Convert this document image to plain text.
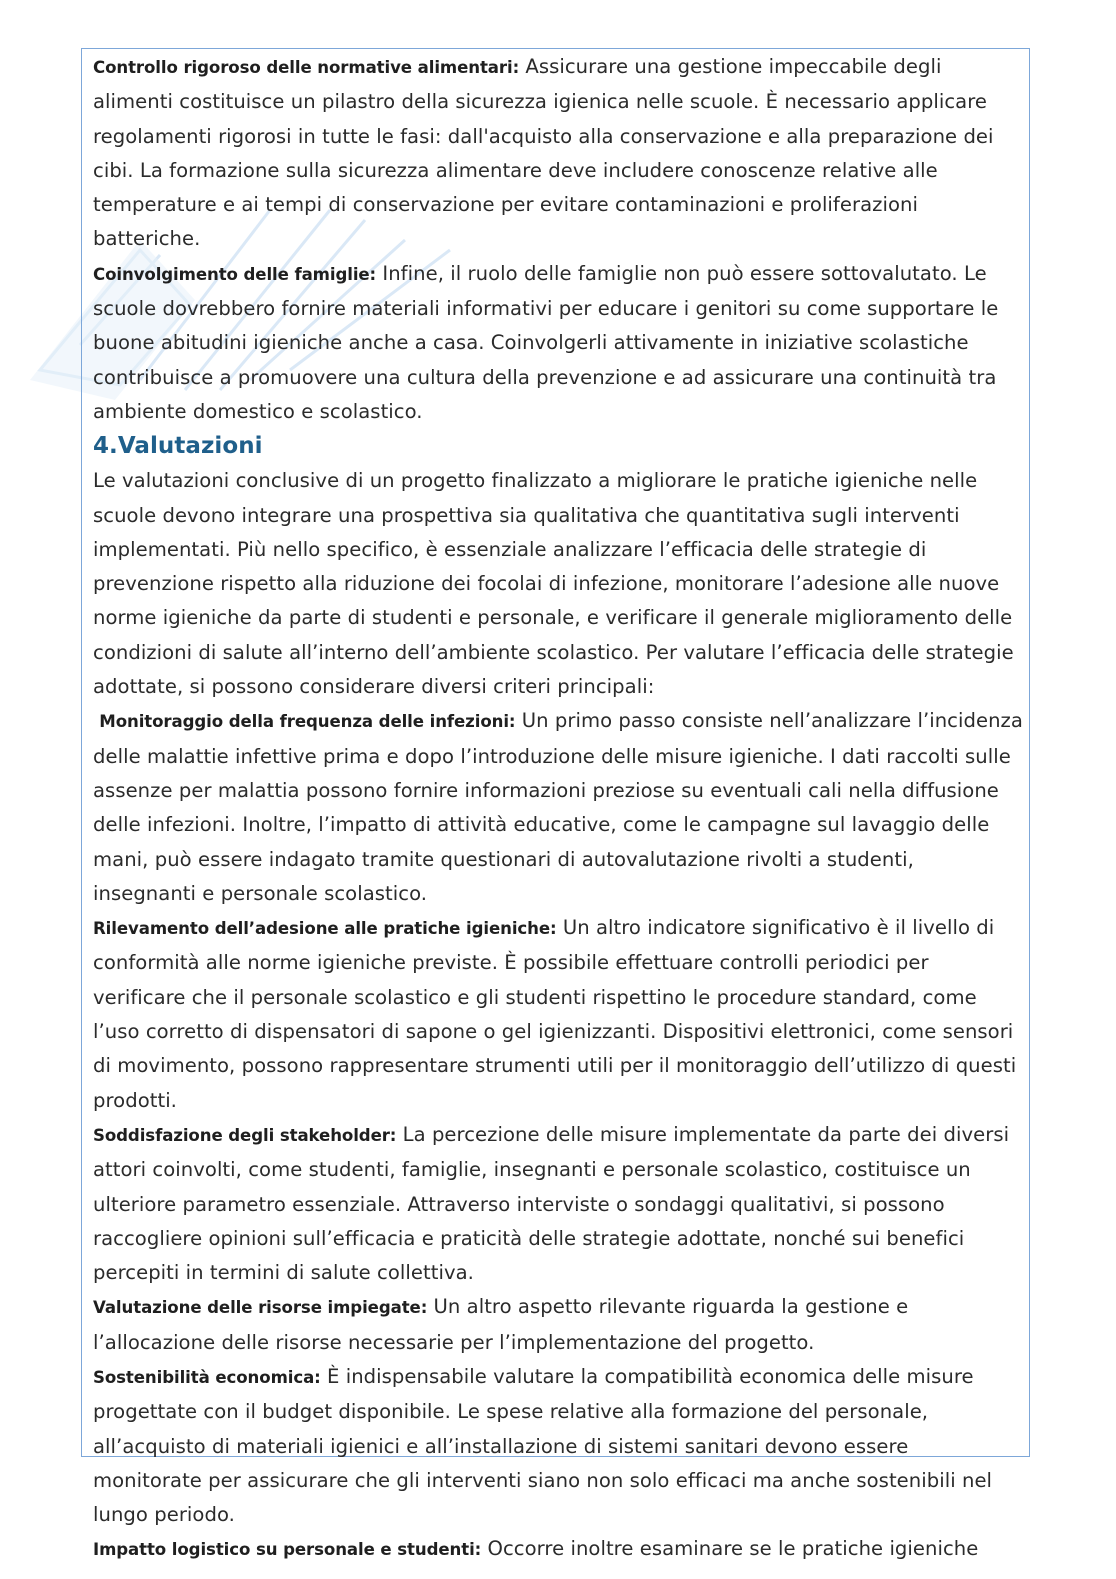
Controllo rigoroso delle normative alimentari: Assicurare una gestione impeccabile degli alimenti costituisce un pilastro della sicurezza igienica nelle scuole. È necessario applicare regolamenti rigorosi in tutte le fasi: dall'acquisto alla conservazione e alla preparazione dei cibi. La formazione sulla sicurezza alimentare deve includere conoscenze relative alle temperature e ai tempi di conservazione per evitare contaminazioni e proliferazioni batteriche.

Coinvolgimento delle famiglie: Infine, il ruolo delle famiglie non può essere sottovalutato. Le scuole dovrebbero fornire materiali informativi per educare i genitori su come supportare le buone abitudini igieniche anche a casa. Coinvolgerli attivamente in iniziative scolastiche contribuisce a promuovere una cultura della prevenzione e ad assicurare una continuità tra ambiente domestico e scolastico.

4.Valutazioni

Le valutazioni conclusive di un progetto finalizzato a migliorare le pratiche igieniche nelle scuole devono integrare una prospettiva sia qualitativa che quantitativa sugli interventi implementati. Più nello specifico, è essenziale analizzare l’efficacia delle strategie di prevenzione rispetto alla riduzione dei focolai di infezione, monitorare l’adesione alle nuove norme igieniche da parte di studenti e personale, e verificare il generale miglioramento delle condizioni di salute all’interno dell’ambiente scolastico. Per valutare l’efficacia delle strategie adottate, si possono considerare diversi criteri principali:

Monitoraggio della frequenza delle infezioni: Un primo passo consiste nell’analizzare l’incidenza delle malattie infettive prima e dopo l’introduzione delle misure igieniche. I dati raccolti sulle assenze per malattia possono fornire informazioni preziose su eventuali cali nella diffusione delle infezioni. Inoltre, l’impatto di attività educative, come le campagne sul lavaggio delle mani, può essere indagato tramite questionari di autovalutazione rivolti a studenti, insegnanti e personale scolastico.

Rilevamento dell’adesione alle pratiche igieniche: Un altro indicatore significativo è il livello di conformità alle norme igieniche previste. È possibile effettuare controlli periodici per verificare che il personale scolastico e gli studenti rispettino le procedure standard, come l’uso corretto di dispensatori di sapone o gel igienizzanti. Dispositivi elettronici, come sensori di movimento, possono rappresentare strumenti utili per il monitoraggio dell’utilizzo di questi prodotti.

Soddisfazione degli stakeholder: La percezione delle misure implementate da parte dei diversi attori coinvolti, come studenti, famiglie, insegnanti e personale scolastico, costituisce un ulteriore parametro essenziale. Attraverso interviste o sondaggi qualitativi, si possono raccogliere opinioni sull’efficacia e praticità delle strategie adottate, nonché sui benefici percepiti in termini di salute collettiva.

Valutazione delle risorse impiegate: Un altro aspetto rilevante riguarda la gestione e l’allocazione delle risorse necessarie per l’implementazione del progetto.

Sostenibilità economica: È indispensabile valutare la compatibilità economica delle misure progettate con il budget disponibile. Le spese relative alla formazione del personale, all’acquisto di materiali igienici e all’installazione di sistemi sanitari devono essere monitorate per assicurare che gli interventi siano non solo efficaci ma anche sostenibili nel lungo periodo.

Impatto logistico su personale e studenti: Occorre inoltre esaminare se le pratiche igieniche
